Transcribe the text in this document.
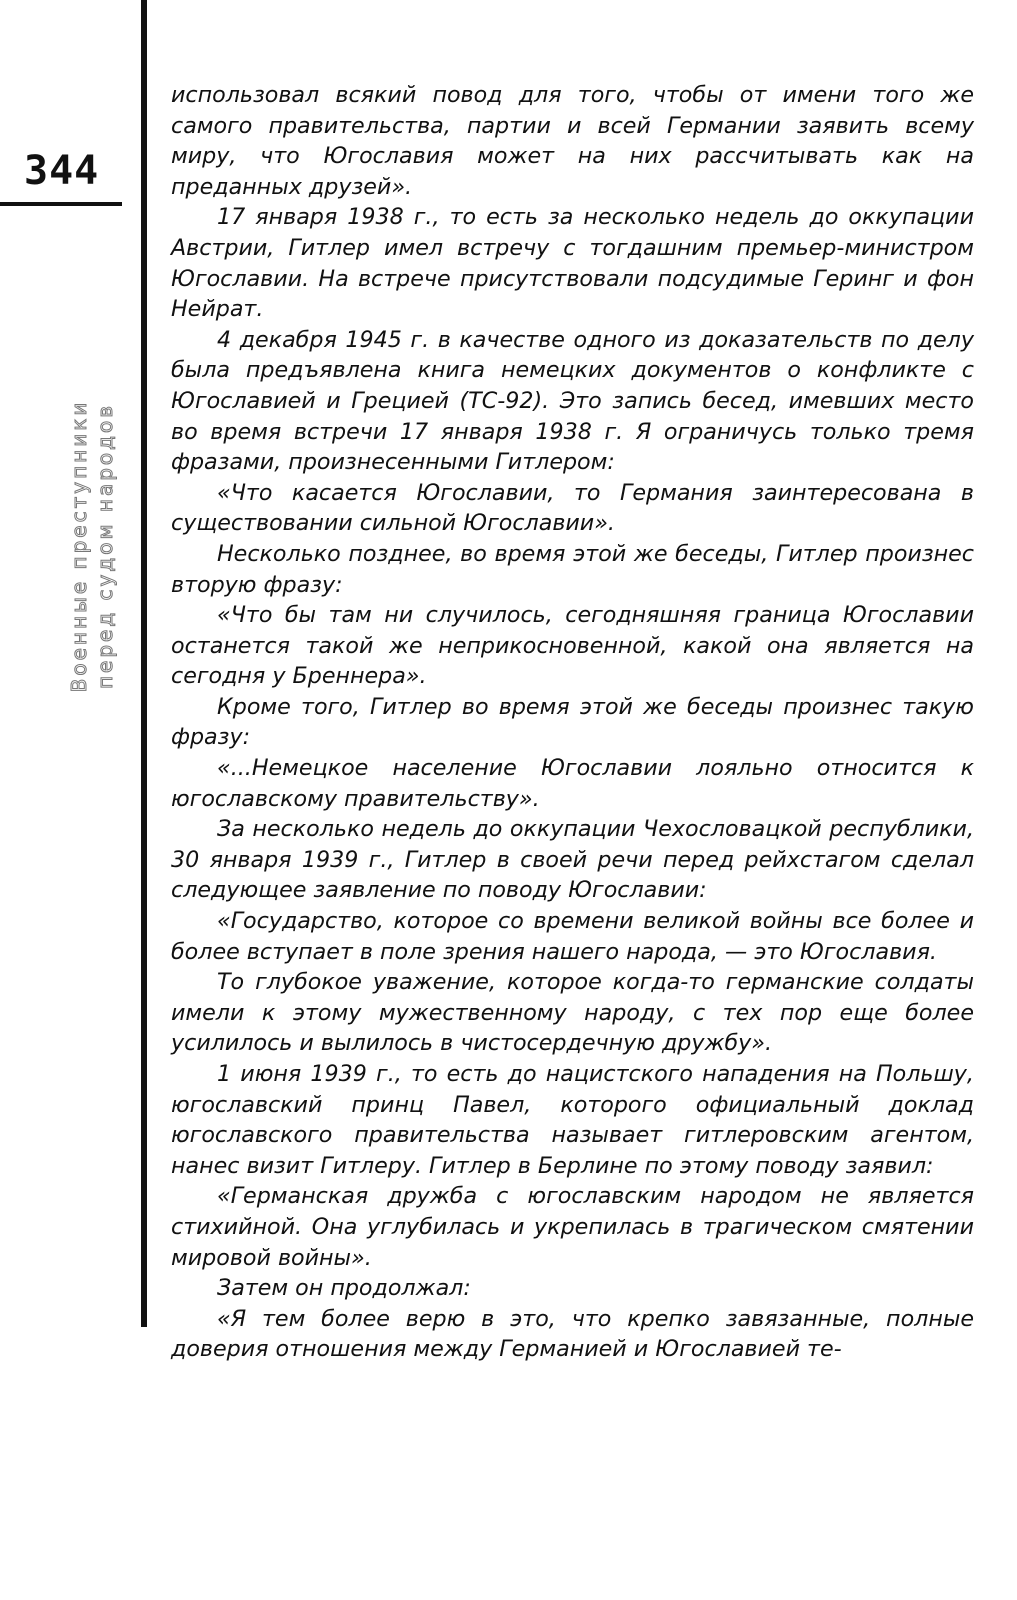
344
Военные преступники перед судом народов

использовал всякий повод для того, чтобы от имени того же самого правительства, партии и всей Германии заявить всему миру, что Югославия может на них рассчитывать как на преданных друзей».

17 января 1938 г., то есть за несколько недель до оккупации Австрии, Гитлер имел встречу с тогдашним премьер-министром Югославии. На встрече присутствовали подсудимые Геринг и фон Нейрат.

4 декабря 1945 г. в качестве одного из доказательств по делу была предъявлена книга немецких документов о конфликте с Югославией и Грецией (ТС-92). Это запись бесед, имевших место во время встречи 17 января 1938 г. Я ограничусь только тремя фразами, произнесенными Гитлером:

«Что касается Югославии, то Германия заинтересована в существовании сильной Югославии».

Несколько позднее, во время этой же беседы, Гитлер произнес вторую фразу:

«Что бы там ни случилось, сегодняшняя граница Югославии останется такой же неприкосновенной, какой она является на сегодня у Бреннера».

Кроме того, Гитлер во время этой же беседы произнес такую фразу:

«...Немецкое население Югославии лояльно относится к югославскому правительству».

За несколько недель до оккупации Чехословацкой республики, 30 января 1939 г., Гитлер в своей речи перед рейхстагом сделал следующее заявление по поводу Югославии:

«Государство, которое со времени великой войны все более и более вступает в поле зрения нашего народа, — это Югославия.

То глубокое уважение, которое когда-то германские солдаты имели к этому мужественному народу, с тех пор еще более усилилось и вылилось в чистосердечную дружбу».

1 июня 1939 г., то есть до нацистского нападения на Польшу, югославский принц Павел, которого официальный доклад югославского правительства называет гитлеровским агентом, нанес визит Гитлеру. Гитлер в Берлине по этому поводу заявил:

«Германская дружба с югославским народом не является стихийной. Она углубилась и укрепилась в трагическом смятении мировой войны».

Затем он продолжал:

«Я тем более верю в это, что крепко завязанные, полные доверия отношения между Германией и Югославией те-
